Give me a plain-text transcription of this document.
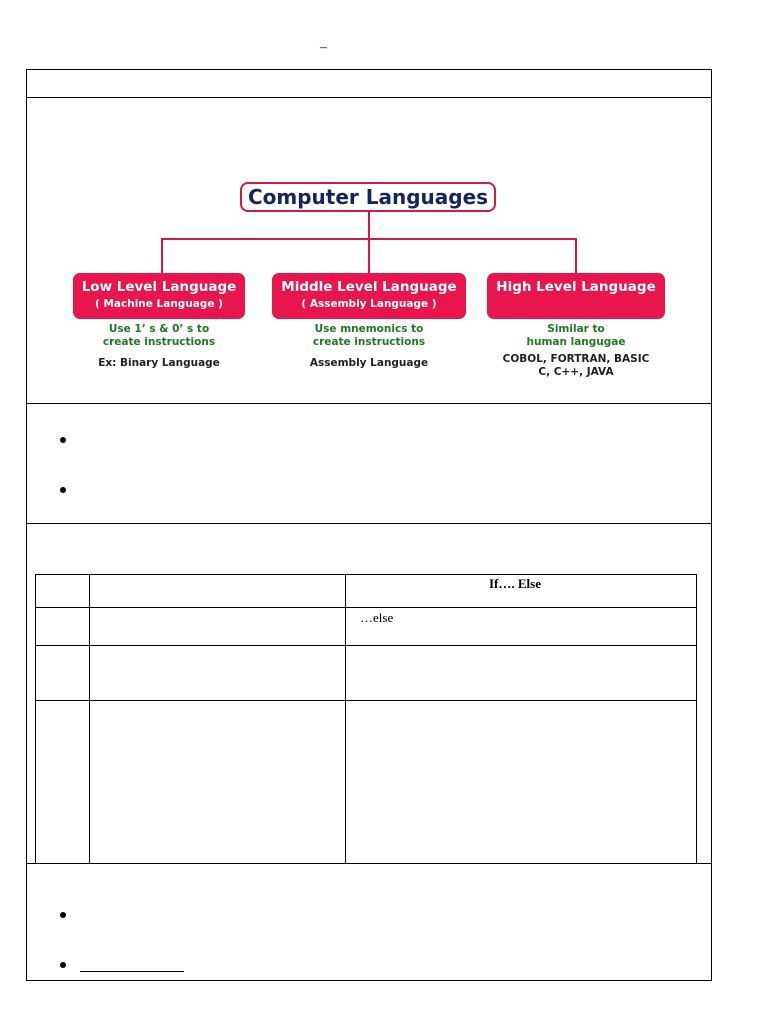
–
Computer Languages
Low Level Language
( Machine Language )
Middle Level Language
( Assembly Language )
High Level Language
Use 1’ s & 0’ s to
create instructions
Use mnemonics to
create instructions
Similar to
human langugae
Ex: Binary Language	Assembly Language	COBOL, FORTRAN, BASIC
C, C++, JAVA
If…. Else
…else
